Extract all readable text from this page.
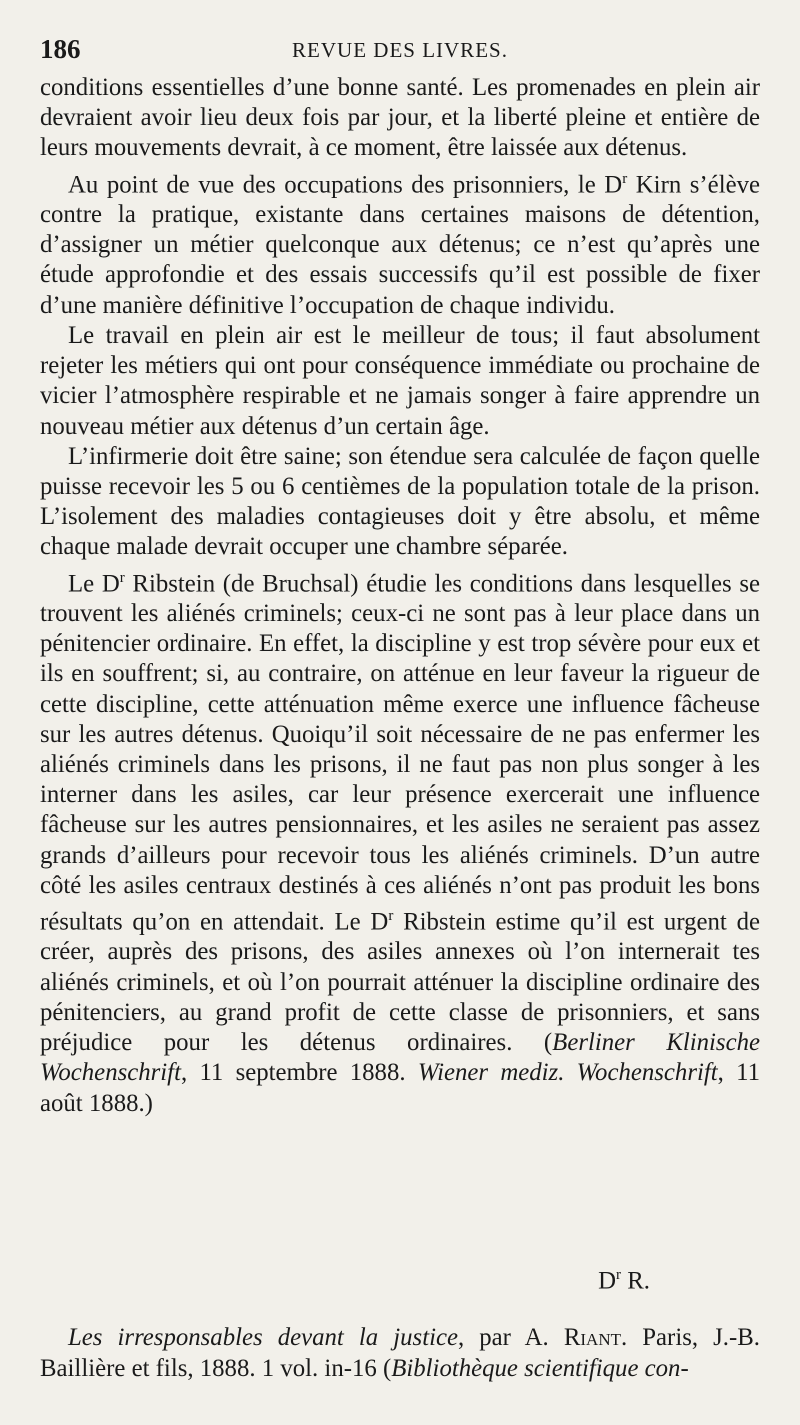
186	REVUE DES LIVRES.

conditions essentielles d’une bonne santé. Les promenades en plein air devraient avoir lieu deux fois par jour, et la liberté pleine et entière de leurs mouvements devrait, à ce moment, être laissée aux détenus.

Au point de vue des occupations des prisonniers, le $D^r$ Kirn s’élève contre la pratique, existante dans certaines maisons de détention, d’assigner un métier quelconque aux détenus; ce n’est qu’après une étude approfondie et des essais successifs qu’il est possible de fixer d’une manière définitive l’occupation de chaque individu.

Le travail en plein air est le meilleur de tous; il faut absolument rejeter les métiers qui ont pour conséquence immédiate ou prochaine de vicier l’atmosphère respirable et ne jamais songer à faire apprendre un nouveau métier aux détenus d’un certain âge.

L’infirmerie doit être saine; son étendue sera calculée de façon quelle puisse recevoir les 5 ou 6 centièmes de la population totale de la prison. L’isolement des maladies contagieuses doit y être absolu, et même chaque malade devrait occuper une chambre séparée.

Le $D^r$ Ribstein (de Bruchsal) étudie les conditions dans lesquelles se trouvent les aliénés criminels; ceux-ci ne sont pas à leur place dans un pénitencier ordinaire. En effet, la discipline y est trop sévère pour eux et ils en souffrent; si, au contraire, on atténue en leur faveur la rigueur de cette discipline, cette atténuation même exerce une influence fâcheuse sur les autres détenus. Quoiqu’il soit nécessaire de ne pas enfermer les aliénés criminels dans les prisons, il ne faut pas non plus songer à les interner dans les asiles, car leur présence exercerait une influence fâcheuse sur les autres pensionnaires, et les asiles ne seraient pas assez grands d’ailleurs pour recevoir tous les aliénés criminels. D’un autre côté les asiles centraux destinés à ces aliénés n’ont pas produit les bons résultats qu’on en attendait. Le $D^r$ Ribstein estime qu’il est urgent de créer, auprès des prisons, des asiles annexes où l’on internerait tes aliénés criminels, et où l’on pourrait atténuer la discipline ordinaire des pénitenciers, au grand profit de cette classe de prisonniers, et sans préjudice pour les détenus ordinaires. (Berliner Klinische Wochenschrift, 11 septembre 1888. Wiener mediz. Wochenschrift, 11 août 1888.)

$D^r$ R.

Les irresponsables devant la justice, par A. Riant. Paris, J.-B. Baillière et fils, 1888. 1 vol. in-16 (Bibliothèque scientifique con-
